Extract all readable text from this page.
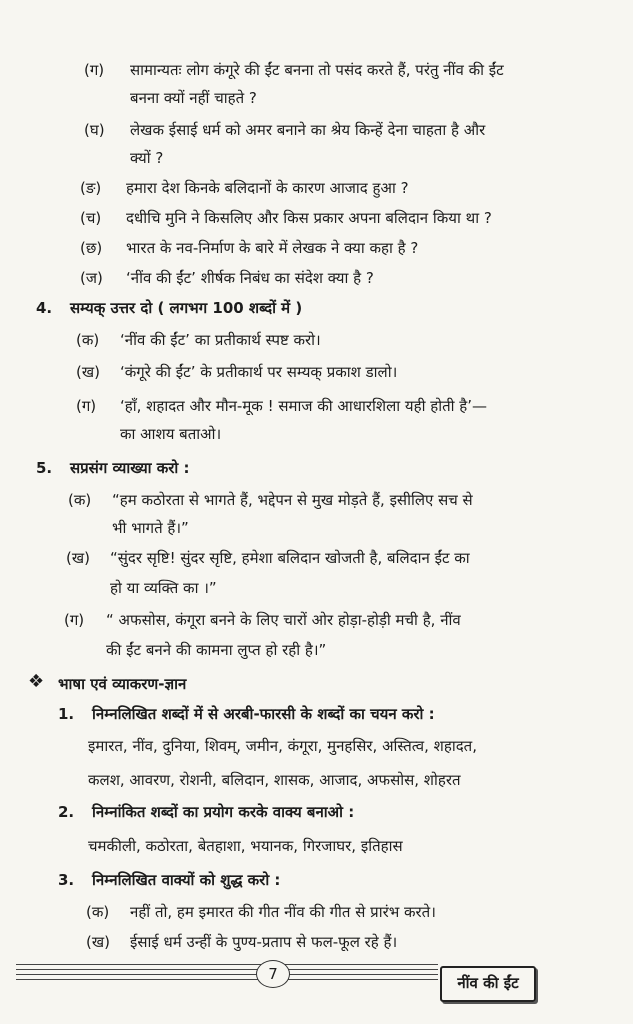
(ग) सामान्यतः लोग कंगूरे की ईंट बनना तो पसंद करते हैं, परंतु नींव की ईंट
बनना क्यों नहीं चाहते ?
(घ) लेखक ईसाई धर्म को अमर बनाने का श्रेय किन्हें देना चाहता है और
क्यों ?
(ङ) हमारा देश किनके बलिदानों के कारण आजाद हुआ ?
(च) दधीचि मुनि ने किसलिए और किस प्रकार अपना बलिदान किया था ?
(छ) भारत के नव-निर्माण के बारे में लेखक ने क्या कहा है ?
(ज) ‘नींव की ईंट’ शीर्षक निबंध का संदेश क्या है ?
4. सम्यक् उत्तर दो ( लगभग 100 शब्दों में )
(क) ‘नींव की ईंट’ का प्रतीकार्थ स्पष्ट करो।
(ख) ‘कंगूरे की ईंट’ के प्रतीकार्थ पर सम्यक् प्रकाश डालो।
(ग) ‘हाँ, शहादत और मौन-मूक ! समाज की आधारशिला यही होती है’—
का आशय बताओ।
5. सप्रसंग व्याख्या करो :
(क) “हम कठोरता से भागते हैं, भद्देपन से मुख मोड़ते हैं, इसीलिए सच से
भी भागते हैं।”
(ख) “सुंदर सृष्टि! सुंदर सृष्टि, हमेशा बलिदान खोजती है, बलिदान ईंट का
हो या व्यक्ति का ।”
(ग) “ अफसोस, कंगूरा बनने के लिए चारों ओर होड़ा-होड़ी मची है, नींव
की ईंट बनने की कामना लुप्त हो रही है।”
❖ भाषा एवं व्याकरण-ज्ञान
1. निम्नलिखित शब्दों में से अरबी-फारसी के शब्दों का चयन करो :
इमारत, नींव, दुनिया, शिवम्, जमीन, कंगूरा, मुनहसिर, अस्तित्व, शहादत,
कलश, आवरण, रोशनी, बलिदान, शासक, आजाद, अफसोस, शोहरत
2. निम्नांकित शब्दों का प्रयोग करके वाक्य बनाओ :
चमकीली, कठोरता, बेतहाशा, भयानक, गिरजाघर, इतिहास
3. निम्नलिखित वाक्यों को शुद्ध करो :
(क) नहीं तो, हम इमारत की गीत नींव की गीत से प्रारंभ करते।
(ख) ईसाई धर्म उन्हीं के पुण्य-प्रताप से फल-फूल रहे हैं।
7	नींव की ईंट
